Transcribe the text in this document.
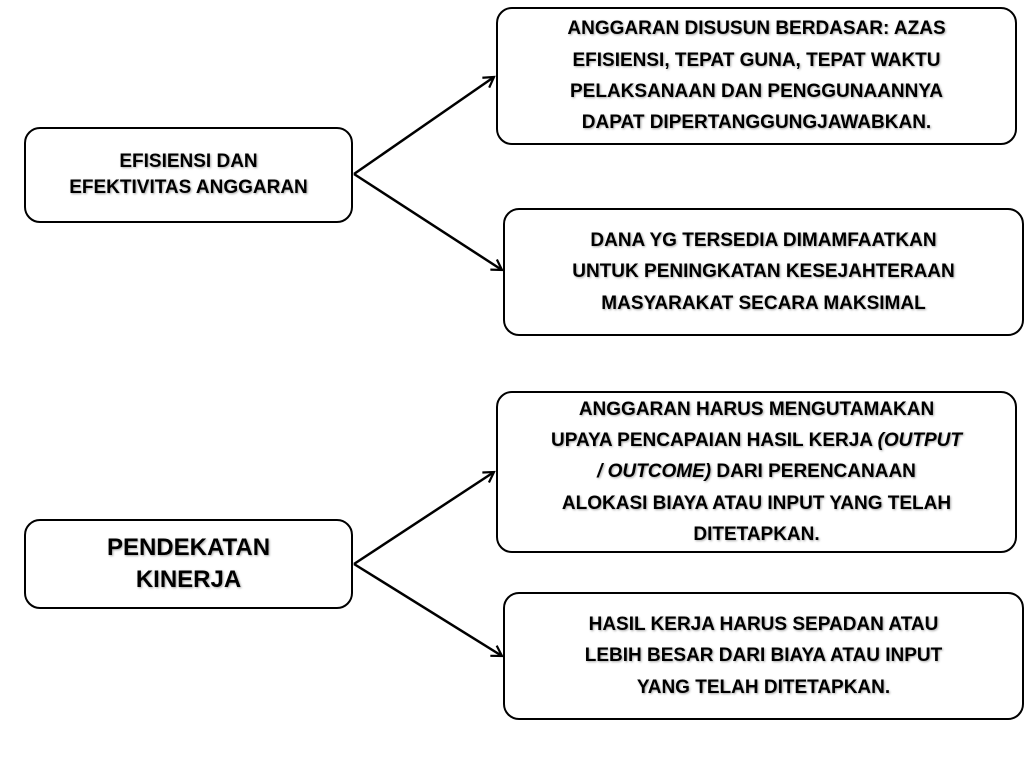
EFISIENSI DAN
EFEKTIVITAS ANGGARAN
ANGGARAN DISUSUN BERDASAR: AZAS
EFISIENSI, TEPAT GUNA, TEPAT WAKTU
PELAKSANAAN DAN PENGGUNAANNYA
DAPAT DIPERTANGGUNGJAWABKAN.
DANA YG TERSEDIA DIMAMFAATKAN
UNTUK PENINGKATAN KESEJAHTERAAN
MASYARAKAT SECARA MAKSIMAL
PENDEKATAN
KINERJA
ANGGARAN HARUS MENGUTAMAKAN
UPAYA PENCAPAIAN HASIL KERJA (OUTPUT
/ OUTCOME) DARI PERENCANAAN
ALOKASI BIAYA ATAU INPUT YANG TELAH
DITETAPKAN.
HASIL KERJA HARUS SEPADAN ATAU
LEBIH BESAR DARI BIAYA ATAU INPUT
YANG TELAH DITETAPKAN.
